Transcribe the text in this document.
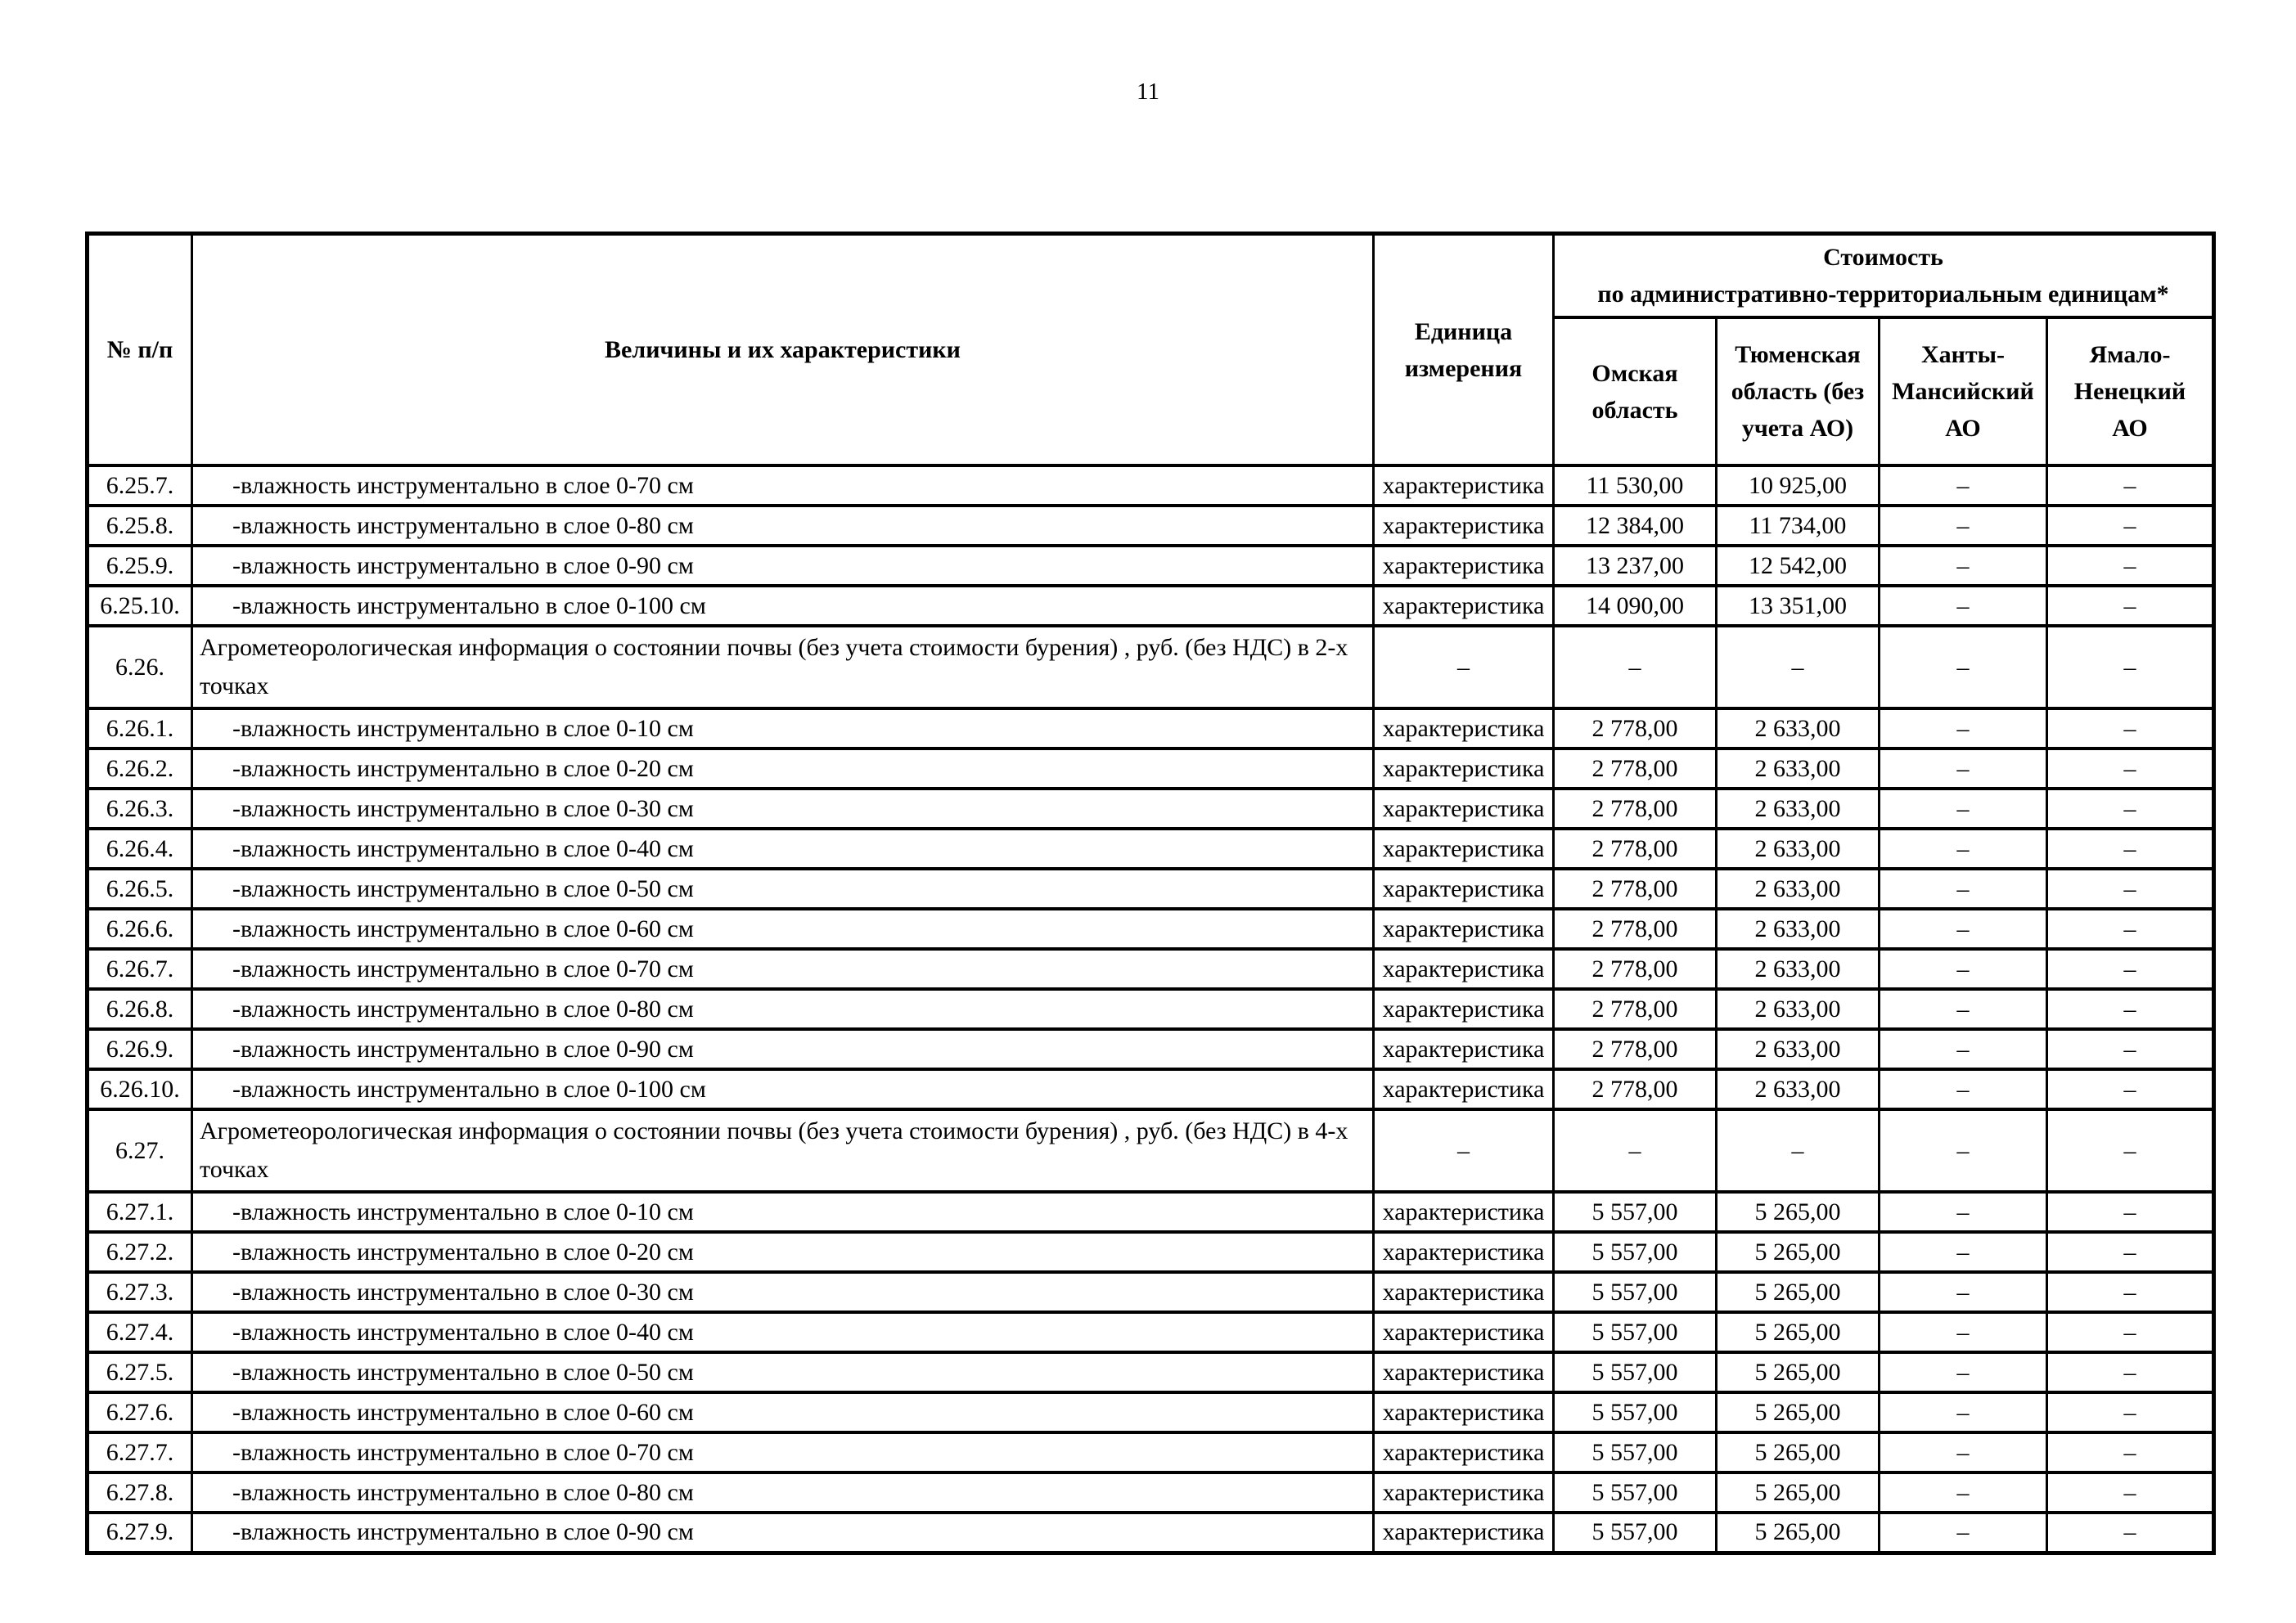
11
№ п/п	Величины и их характеристики	Единица измерения	Стоимость
по административно-территориальным единицам*			

			Омская область	Тюменская область (без учета АО)	Ханты-Мансийский АО	Ямало-Ненецкий АО
6.25.7.	-влажность инструментально в слое 0-70 см	характеристика	11 530,00	10 925,00	–	–
6.25.8.	-влажность инструментально в слое 0-80 см	характеристика	12 384,00	11 734,00	–	–
6.25.9.	-влажность инструментально в слое 0-90 см	характеристика	13 237,00	12 542,00	–	–
6.25.10.	-влажность инструментально в слое 0-100 см	характеристика	14 090,00	13 351,00	–	–
6.26.	Агрометеорологическая информация о состоянии почвы (без учета стоимости бурения) , руб. (без НДС) в 2-х точках	–	–	–	–	–
6.26.1.	-влажность инструментально в слое 0-10 см	характеристика	2 778,00	2 633,00	–	–
6.26.2.	-влажность инструментально в слое 0-20 см	характеристика	2 778,00	2 633,00	–	–
6.26.3.	-влажность инструментально в слое 0-30 см	характеристика	2 778,00	2 633,00	–	–
6.26.4.	-влажность инструментально в слое 0-40 см	характеристика	2 778,00	2 633,00	–	–
6.26.5.	-влажность инструментально в слое 0-50 см	характеристика	2 778,00	2 633,00	–	–
6.26.6.	-влажность инструментально в слое 0-60 см	характеристика	2 778,00	2 633,00	–	–
6.26.7.	-влажность инструментально в слое 0-70 см	характеристика	2 778,00	2 633,00	–	–
6.26.8.	-влажность инструментально в слое 0-80 см	характеристика	2 778,00	2 633,00	–	–
6.26.9.	-влажность инструментально в слое 0-90 см	характеристика	2 778,00	2 633,00	–	–
6.26.10.	-влажность инструментально в слое 0-100 см	характеристика	2 778,00	2 633,00	–	–
6.27.	Агрометеорологическая информация о состоянии почвы (без учета стоимости бурения) , руб. (без НДС) в 4-х точках	–	–	–	–	–
6.27.1.	-влажность инструментально в слое 0-10 см	характеристика	5 557,00	5 265,00	–	–
6.27.2.	-влажность инструментально в слое 0-20 см	характеристика	5 557,00	5 265,00	–	–
6.27.3.	-влажность инструментально в слое 0-30 см	характеристика	5 557,00	5 265,00	–	–
6.27.4.	-влажность инструментально в слое 0-40 см	характеристика	5 557,00	5 265,00	–	–
6.27.5.	-влажность инструментально в слое 0-50 см	характеристика	5 557,00	5 265,00	–	–
6.27.6.	-влажность инструментально в слое 0-60 см	характеристика	5 557,00	5 265,00	–	–
6.27.7.	-влажность инструментально в слое 0-70 см	характеристика	5 557,00	5 265,00	–	–
6.27.8.	-влажность инструментально в слое 0-80 см	характеристика	5 557,00	5 265,00	–	–
6.27.9.	-влажность инструментально в слое 0-90 см	характеристика	5 557,00	5 265,00	–	–
